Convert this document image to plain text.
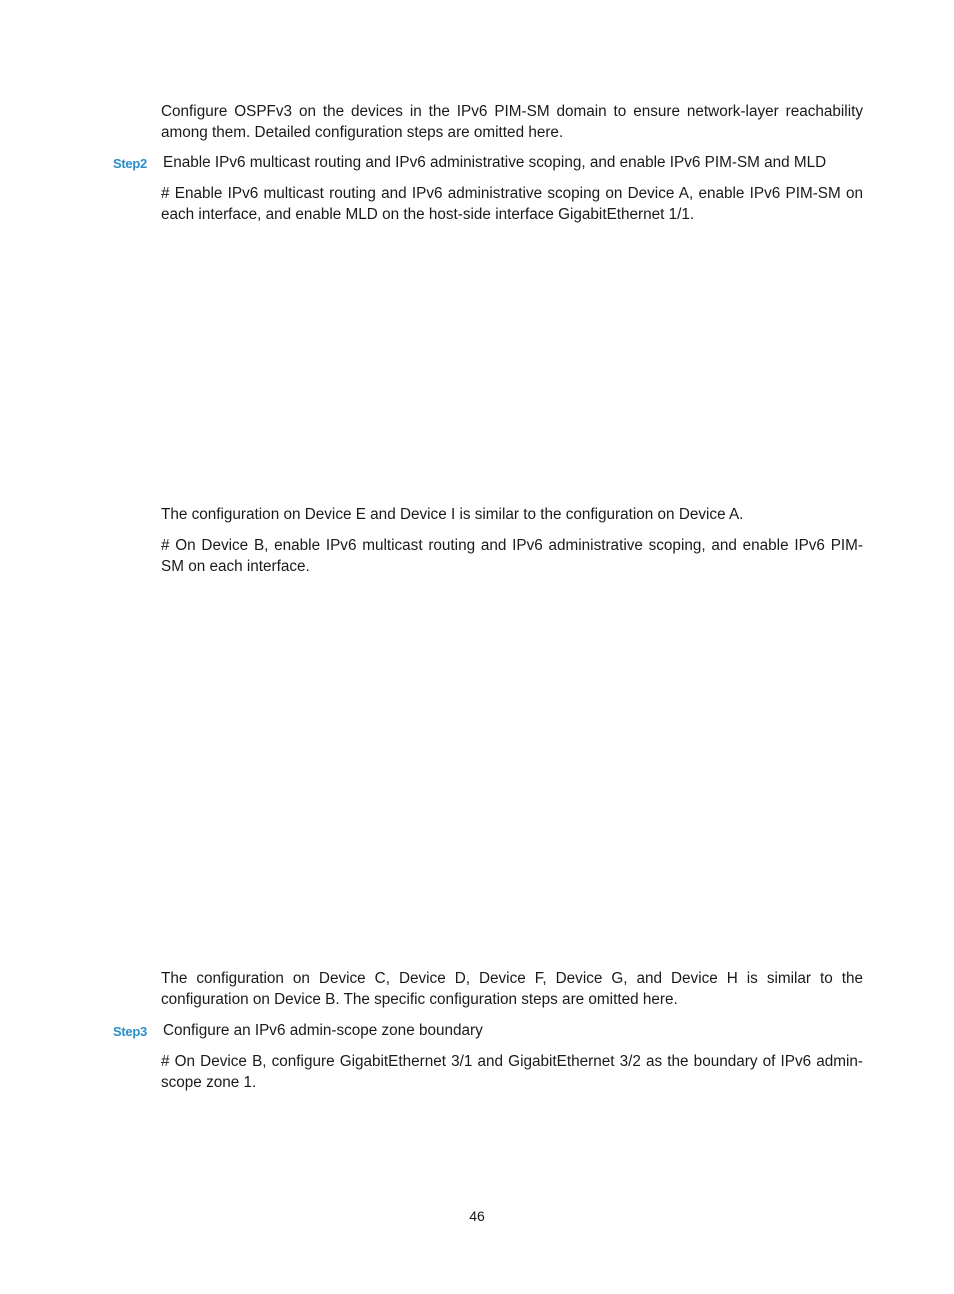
Configure OSPFv3 on the devices in the IPv6 PIM-SM domain to ensure network-layer reachability among them. Detailed configuration steps are omitted here.

Step2 Enable IPv6 multicast routing and IPv6 administrative scoping, and enable IPv6 PIM-SM and MLD

# Enable IPv6 multicast routing and IPv6 administrative scoping on Device A, enable IPv6 PIM-SM on each interface, and enable MLD on the host-side interface GigabitEthernet 1/1.

The configuration on Device E and Device I is similar to the configuration on Device A.

# On Device B, enable IPv6 multicast routing and IPv6 administrative scoping, and enable IPv6 PIM-SM on each interface.

The configuration on Device C, Device D, Device F, Device G, and Device H is similar to the configuration on Device B. The specific configuration steps are omitted here.

Step3 Configure an IPv6 admin-scope zone boundary

# On Device B, configure GigabitEthernet 3/1 and GigabitEthernet 3/2 as the boundary of IPv6 admin-scope zone 1.

46
